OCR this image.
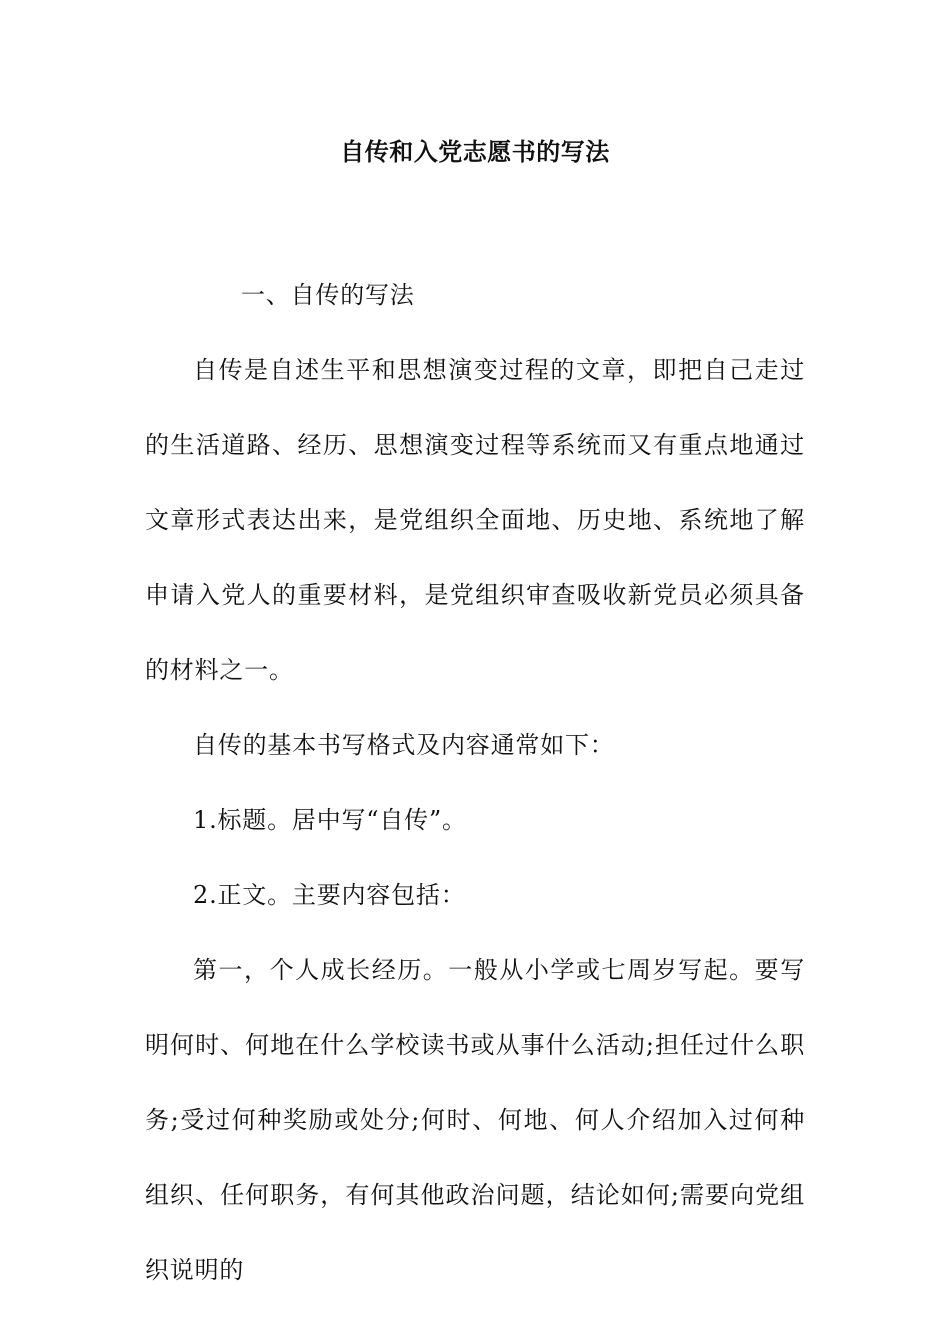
自传和入党志愿书的写法

一、自传的写法

自传是自述生平和思想演变过程的文章，即把自己走过的生活道路、经历、思想演变过程等系统而又有重点地通过文章形式表达出来，是党组织全面地、历史地、系统地了解申请入党人的重要材料，是党组织审查吸收新党员必须具备的材料之一。

自传的基本书写格式及内容通常如下：

1.标题。居中写“自传”。

2.正文。主要内容包括：

第一，个人成长经历。一般从小学或七周岁写起。要写明何时、何地在什么学校读书或从事什么活动;担任过什么职务;受过何种奖励或处分;何时、何地、何人介绍加入过何种组织、任何职务，有何其他政治问题，结论如何;需要向党组织说明的
